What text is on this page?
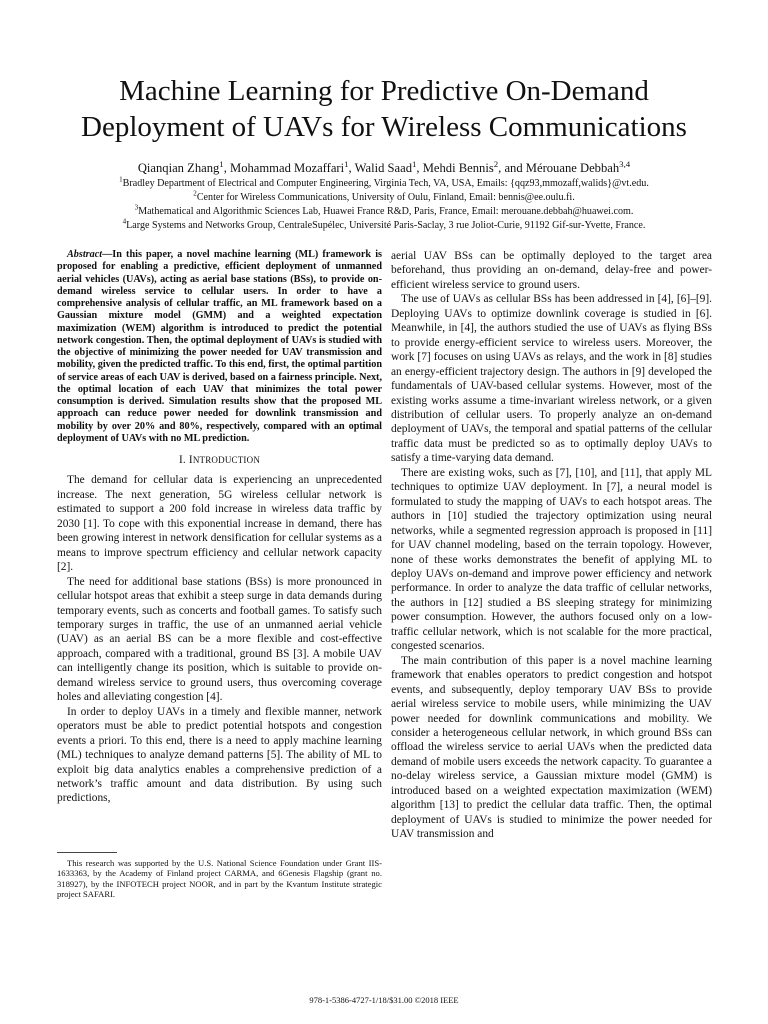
Machine Learning for Predictive On-Demand
Deployment of UAVs for Wireless Communications
Qianqian Zhang$^1$, Mohammad Mozaffari$^1$, Walid Saad$^1$, Mehdi Bennis$^2$, and Mérouane Debbah$^{3,4}$
$^1$Bradley Department of Electrical and Computer Engineering, Virginia Tech, VA, USA, Emails: {qqz93,mmozaff,walids}@vt.edu.
$^2$Center for Wireless Communications, University of Oulu, Finland, Email: bennis@ee.oulu.fi.
$^3$Mathematical and Algorithmic Sciences Lab, Huawei France R&D, Paris, France, Email: merouane.debbah@huawei.com.
$^4$Large Systems and Networks Group, CentraleSupélec, Université Paris-Saclay, 3 rue Joliot-Curie, 91192 Gif-sur-Yvette, France.

Abstract—In this paper, a novel machine learning (ML) framework is proposed for enabling a predictive, efficient deployment of unmanned aerial vehicles (UAVs), acting as aerial base stations (BSs), to provide on-demand wireless service to cellular users. In order to have a comprehensive analysis of cellular traffic, an ML framework based on a Gaussian mixture model (GMM) and a weighted expectation maximization (WEM) algorithm is introduced to predict the potential network congestion. Then, the optimal deployment of UAVs is studied with the objective of minimizing the power needed for UAV transmission and mobility, given the predicted traffic. To this end, first, the optimal partition of service areas of each UAV is derived, based on a fairness principle. Next, the optimal location of each UAV that minimizes the total power consumption is derived. Simulation results show that the proposed ML approach can reduce power needed for downlink transmission and mobility by over 20% and 80%, respectively, compared with an optimal deployment of UAVs with no ML prediction.

I. INTRODUCTION

The demand for cellular data is experiencing an unprecedented increase. The next generation, 5G wireless cellular network is estimated to support a 200 fold increase in wireless data traffic by 2030 [1]. To cope with this exponential increase in demand, there has been growing interest in network densification for cellular systems as a means to improve spectrum efficiency and cellular network capacity [2].

The need for additional base stations (BSs) is more pronounced in cellular hotspot areas that exhibit a steep surge in data demands during temporary events, such as concerts and football games. To satisfy such temporary surges in traffic, the use of an unmanned aerial vehicle (UAV) as an aerial BS can be a more flexible and cost-effective approach, compared with a traditional, ground BS [3]. A mobile UAV can intelligently change its position, which is suitable to provide on-demand wireless service to ground users, thus overcoming coverage holes and alleviating congestion [4].

In order to deploy UAVs in a timely and flexible manner, network operators must be able to predict potential hotspots and congestion events a priori. To this end, there is a need to apply machine learning (ML) techniques to analyze demand patterns [5]. The ability of ML to exploit big data analytics enables a comprehensive prediction of a network’s traffic amount and data distribution. By using such predictions,

This research was supported by the U.S. National Science Foundation under Grant IIS-1633363, by the Academy of Finland project CARMA, and 6Genesis Flagship (grant no. 318927), by the INFOTECH project NOOR, and in part by the Kvantum Institute strategic project SAFARI.

aerial UAV BSs can be optimally deployed to the target area beforehand, thus providing an on-demand, delay-free and power-efficient wireless service to ground users.

The use of UAVs as cellular BSs has been addressed in [4], [6]–[9]. Deploying UAVs to optimize downlink coverage is studied in [6]. Meanwhile, in [4], the authors studied the use of UAVs as flying BSs to provide energy-efficient service to wireless users. Moreover, the work [7] focuses on using UAVs as relays, and the work in [8] studies an energy-efficient trajectory design. The authors in [9] developed the fundamentals of UAV-based cellular systems. However, most of the existing works assume a time-invariant wireless network, or a given distribution of cellular users. To properly analyze an on-demand deployment of UAVs, the temporal and spatial patterns of the cellular traffic data must be predicted so as to optimally deploy UAVs to satisfy a time-varying data demand.

There are existing woks, such as [7], [10], and [11], that apply ML techniques to optimize UAV deployment. In [7], a neural model is formulated to study the mapping of UAVs to each hotspot areas. The authors in [10] studied the trajectory optimization using neural networks, while a segmented regression approach is proposed in [11] for UAV channel modeling, based on the terrain topology. However, none of these works demonstrates the benefit of applying ML to deploy UAVs on-demand and improve power efficiency and network performance. In order to analyze the data traffic of cellular networks, the authors in [12] studied a BS sleeping strategy for minimizing power consumption. However, the authors focused only on a low-traffic cellular network, which is not scalable for the more practical, congested scenarios.

The main contribution of this paper is a novel machine learning framework that enables operators to predict congestion and hotspot events, and subsequently, deploy temporary UAV BSs to provide aerial wireless service to mobile users, while minimizing the UAV power needed for downlink communications and mobility. We consider a heterogeneous cellular network, in which ground BSs can offload the wireless service to aerial UAVs when the predicted data demand of mobile users exceeds the network capacity. To guarantee a no-delay wireless service, a Gaussian mixture model (GMM) is introduced based on a weighted expectation maximization (WEM) algorithm [13] to predict the cellular data traffic. Then, the optimal deployment of UAVs is studied to minimize the power needed for UAV transmission and

978-1-5386-4727-1/18/$31.00 ©2018 IEEE
